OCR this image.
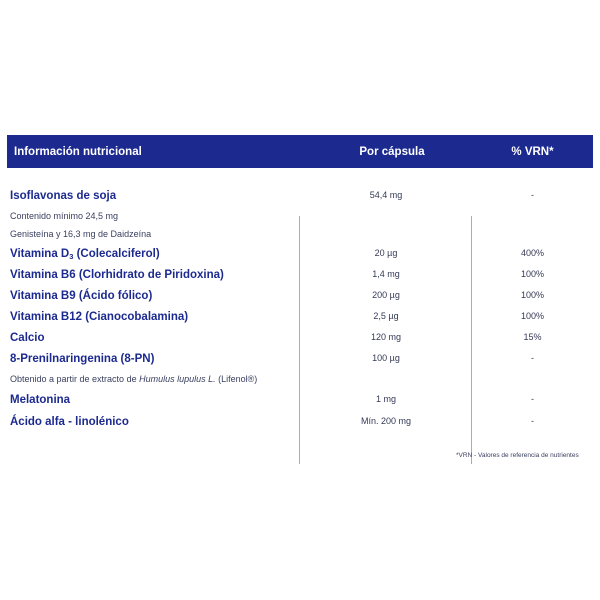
Información nutricional	Por cápsula	% VRN*
Isoflavonas de soja	54,4 mg	-
Contenido mínimo 24,5 mg
Genisteína y 16,3 mg de Daidzeína
Vitamina D3 (Colecalciferol)	20 µg	400%
Vitamina B6 (Clorhidrato de Piridoxina)	1,4 mg	100%
Vitamina B9 (Ácido fólico)	200 µg	100%
Vitamina B12 (Cianocobalamina)	2,5 µg	100%
Calcio	120 mg	15%
8-Prenilnaringenina (8-PN)	100 µg	-
Obtenido a partir de extracto de Humulus lupulus L. (Lifenol®)
Melatonina	1 mg	-
Ácido alfa - linolénico	Mín. 200 mg	-
*VRN - Valores de referencia de nutrientes
